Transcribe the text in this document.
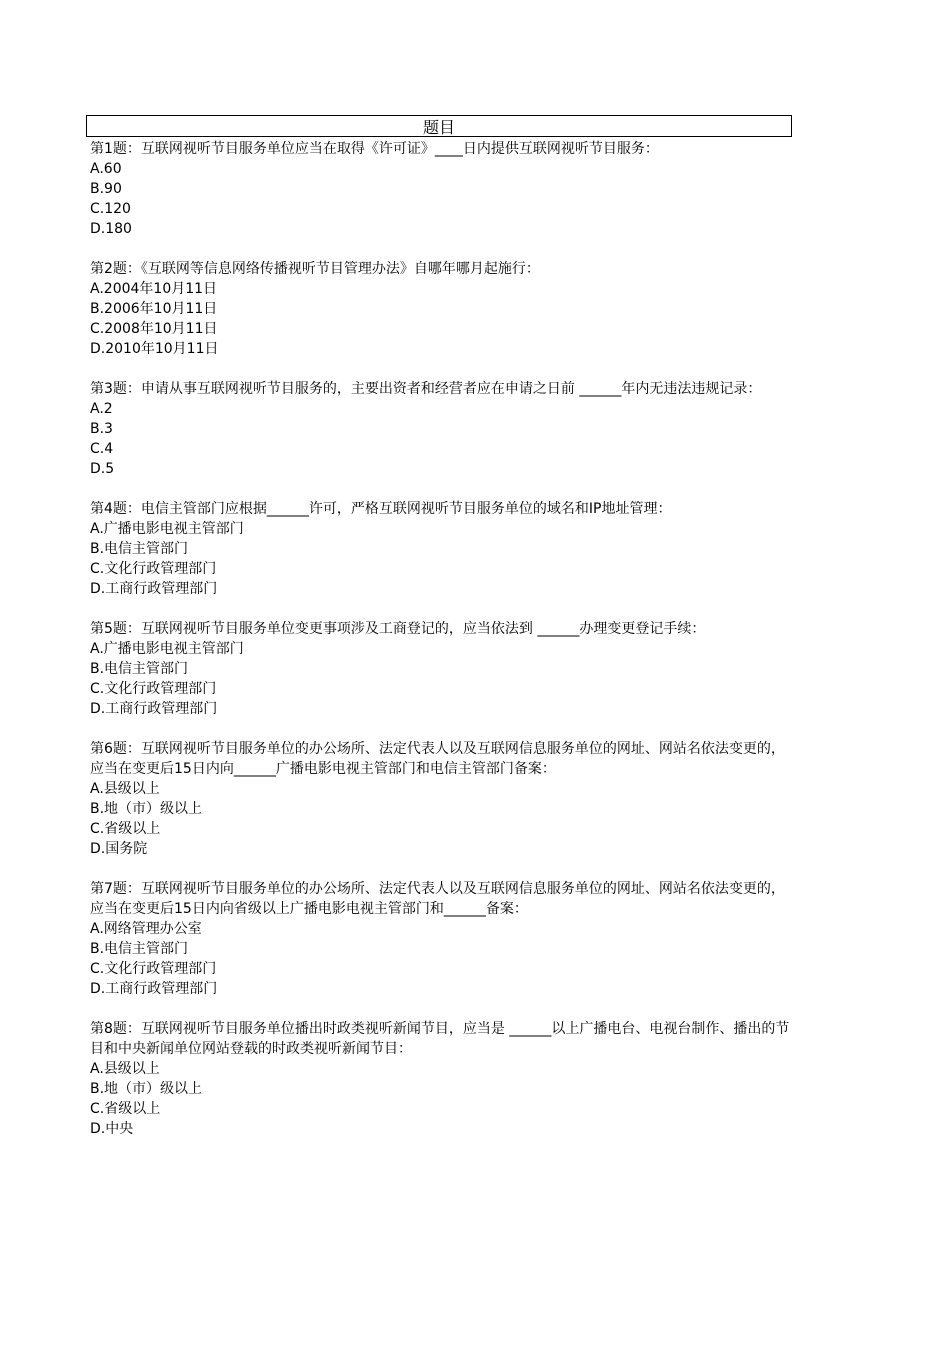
题目
第1题：互联网视听节目服务单位应当在取得《许可证》____日内提供互联网视听节目服务：
A.60
B.90
C.120
D.180
第2题：《互联网等信息网络传播视听节目管理办法》自哪年哪月起施行：
A.2004年10月11日
B.2006年10月11日
C.2008年10月11日
D.2010年10月11日
第3题：申请从事互联网视听节目服务的，主要出资者和经营者应在申请之日前 ______年内无违法违规记录：
A.2
B.3
C.4
D.5
第4题：电信主管部门应根据______许可，严格互联网视听节目服务单位的域名和IP地址管理：
A.广播电影电视主管部门
B.电信主管部门
C.文化行政管理部门
D.工商行政管理部门
第5题：互联网视听节目服务单位变更事项涉及工商登记的，应当依法到 ______办理变更登记手续：
A.广播电影电视主管部门
B.电信主管部门
C.文化行政管理部门
D.工商行政管理部门
第6题：互联网视听节目服务单位的办公场所、法定代表人以及互联网信息服务单位的网址、网站名依法变更的，应当在变更后15日内向______广播电影电视主管部门和电信主管部门备案：
A.县级以上
B.地（市）级以上
C.省级以上
D.国务院
第7题：互联网视听节目服务单位的办公场所、法定代表人以及互联网信息服务单位的网址、网站名依法变更的，应当在变更后15日内向省级以上广播电影电视主管部门和______备案：
A.网络管理办公室
B.电信主管部门
C.文化行政管理部门
D.工商行政管理部门
第8题：互联网视听节目服务单位播出时政类视听新闻节目，应当是 ______以上广播电台、电视台制作、播出的节目和中央新闻单位网站登载的时政类视听新闻节目：
A.县级以上
B.地（市）级以上
C.省级以上
D.中央
